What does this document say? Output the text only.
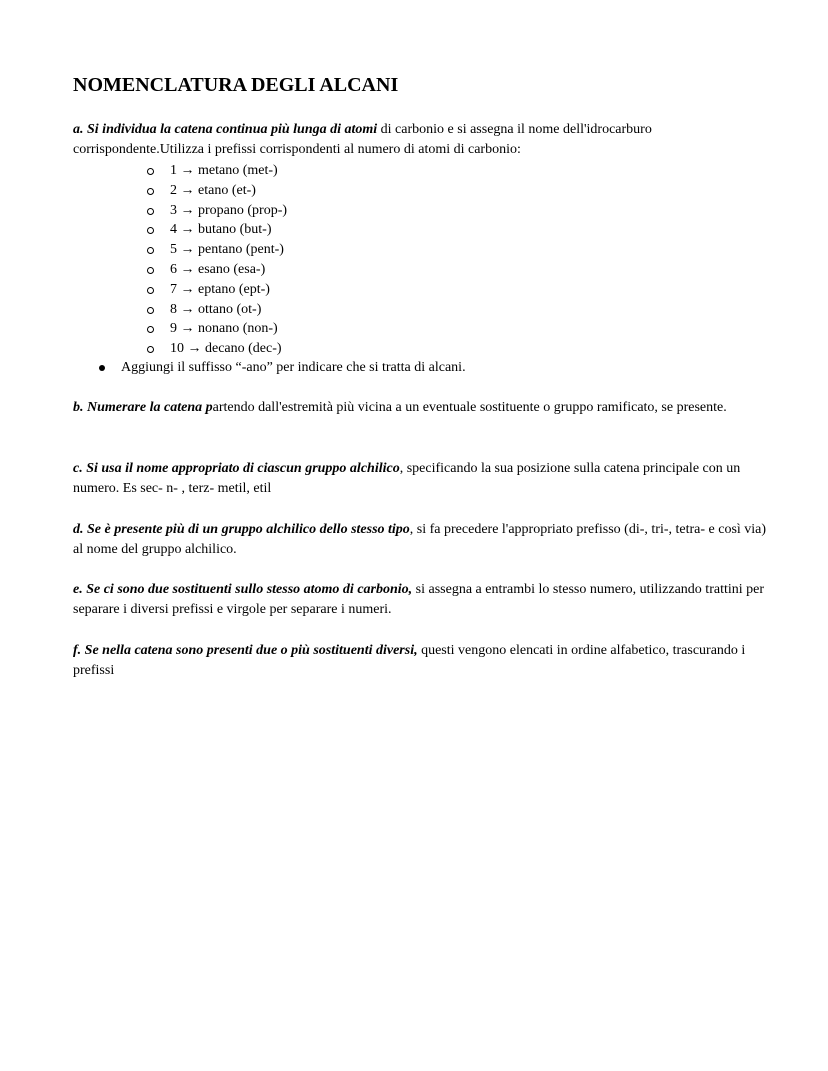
NOMENCLATURA DEGLI ALCANI

a. Si individua la catena continua più lunga di atomi di carbonio e si assegna il nome dell'idrocarburo corrispondente.Utilizza i prefissi corrispondenti al numero di atomi di carbonio:

1 → metano (met-)
2 → etano (et-)
3 → propano (prop-)
4 → butano (but-)
5 → pentano (pent-)
6 → esano (esa-)
7 → eptano (ept-)
8 → ottano (ot-)
9 → nonano (non-)
10 → decano (dec-)
Aggiungi il suffisso “-ano” per indicare che si tratta di alcani.

b. Numerare la catena partendo dall'estremità più vicina a un eventuale sostituente o gruppo ramificato, se presente.

c. Si usa il nome appropriato di ciascun gruppo alchilico, specificando la sua posizione sulla catena principale con un numero. Es sec- n- , terz- metil, etil

d. Se è presente più di un gruppo alchilico dello stesso tipo, si fa precedere l'appropriato prefisso (di-, tri-, tetra- e così via) al nome del gruppo alchilico.

e. Se ci sono due sostituenti sullo stesso atomo di carbonio, si assegna a entrambi lo stesso numero, utilizzando trattini per separare i diversi prefissi e virgole per separare i numeri.

f. Se nella catena sono presenti due o più sostituenti diversi, questi vengono elencati in ordine alfabetico, trascurando i prefissi
